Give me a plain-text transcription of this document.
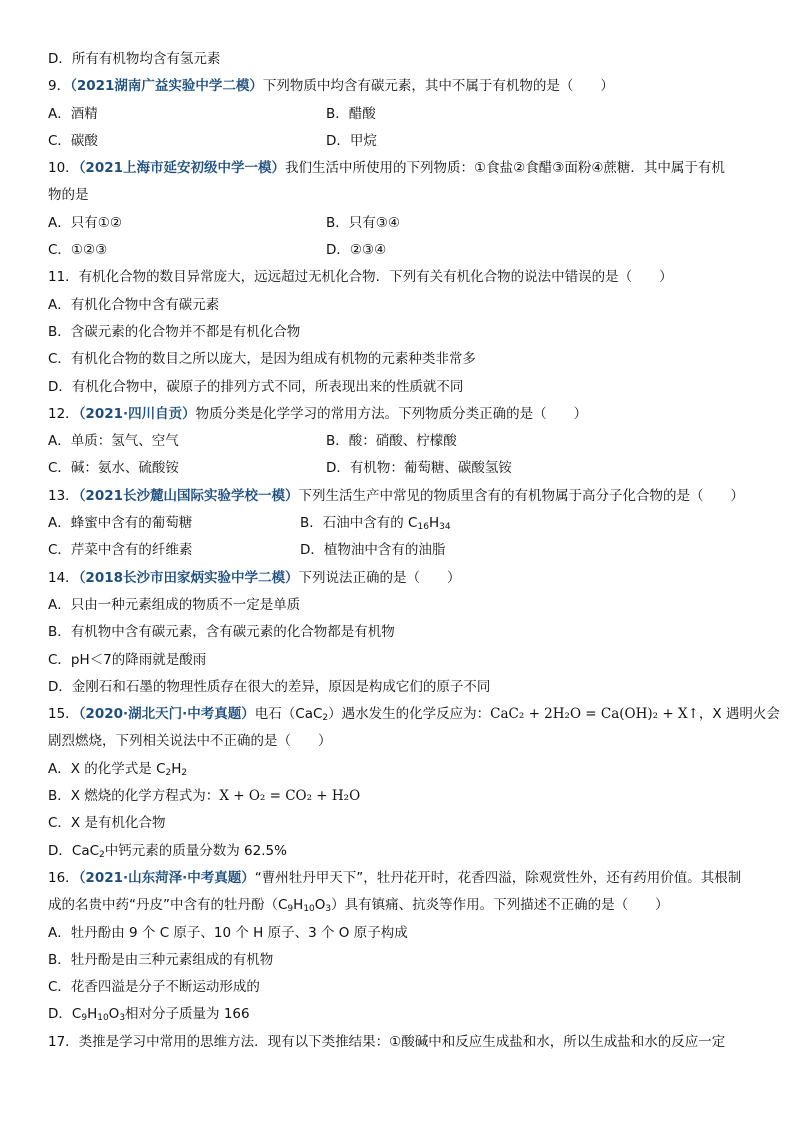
D．所有有机物均含有氢元素
9．（2021湖南广益实验中学二模）下列物质中均含有碳元素，其中不属于有机物的是（　　）
A．酒精	B．醋酸
C．碳酸	D．甲烷
10．（2021上海市延安初级中学一模）我们生活中所使用的下列物质：①食盐②食醋③面粉④蔗糖．其中属于有机
物的是
A．只有①②	B．只有③④
C．①②③	D．②③④
11．有机化合物的数目异常庞大，远远超过无机化合物．下列有关有机化合物的说法中错误的是（　　）
A．有机化合物中含有碳元素
B．含碳元素的化合物并不都是有机化合物
C．有机化合物的数目之所以庞大，是因为组成有机物的元素种类非常多
D．有机化合物中，碳原子的排列方式不同，所表现出来的性质就不同
12．（2021·四川自贡）物质分类是化学学习的常用方法。下列物质分类正确的是（　　）
A．单质：氢气、空气	B．酸：硝酸、柠檬酸
C．碱：氨水、硫酸铵	D．有机物：葡萄糖、碳酸氢铵
13．（2021长沙麓山国际实验学校一模）下列生活生产中常见的物质里含有的有机物属于高分子化合物的是（　　）
A．蜂蜜中含有的葡萄糖	B．石油中含有的 $C_{16}H_{34}$
C．芹菜中含有的纤维素	D．植物油中含有的油脂
14．（2018长沙市田家炳实验中学二模）下列说法正确的是（　　）
A．只由一种元素组成的物质不一定是单质
B．有机物中含有碳元素，含有碳元素的化合物都是有机物
C．pH＜7的降雨就是酸雨
D．金刚石和石墨的物理性质存在很大的差异，原因是构成它们的原子不同
15．（2020·湖北天门·中考真题）电石（CaC$_2$）遇水发生的化学反应为：CaC₂ + 2H₂O = Ca(OH)₂ + X↑，X 遇明火会
剧烈燃烧，下列相关说法中不正确的是（　　）
A．X 的化学式是 $C_2H_2$
B．X 燃烧的化学方程式为：X + O₂ = CO₂ + H₂O
C．X 是有机化合物
D．CaC$_2$中钙元素的质量分数为 62.5%
16．（2021·山东菏泽·中考真题）“曹州牡丹甲天下”，牡丹花开时，花香四溢，除观赏性外，还有药用价值。其根制
成的名贵中药“丹皮”中含有的牡丹酚$(C_9H_{10}O_3)$具有镇痛、抗炎等作用。下列描述不正确的是（　　）
A．牡丹酚由 9 个 C 原子、10 个 H 原子、3 个 O 原子构成
B．牡丹酚是由三种元素组成的有机物
C．花香四溢是分子不断运动形成的
D．$C_9H_{10}O_3$相对分子质量为 166
17．类推是学习中常用的思维方法．现有以下类推结果：①酸碱中和反应生成盐和水，所以生成盐和水的反应一定
